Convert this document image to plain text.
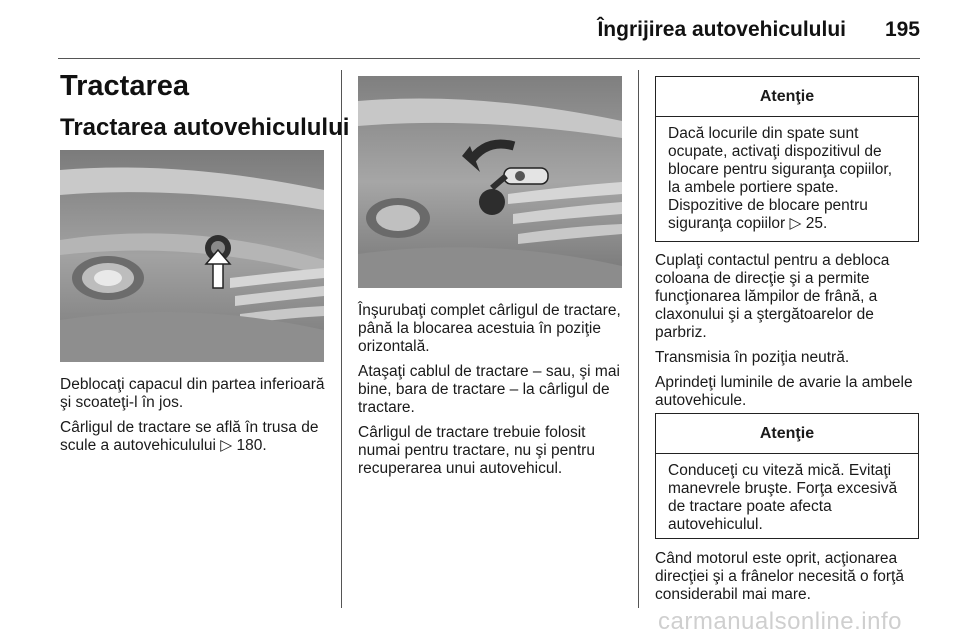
Îngrijirea autovehiculului 195
Tractarea
Tractarea autovehiculului

Deblocaţi capacul din partea inferioară şi scoateţi-l în jos.

Cârligul de tractare se află în trusa de scule a autovehiculului ▷ 180.

Înşurubaţi complet cârligul de tractare, până la blocarea acestuia în poziţie orizontală.

Ataşaţi cablul de tractare – sau, şi mai bine, bara de tractare – la cârligul de tractare.

Cârligul de tractare trebuie folosit numai pentru tractare, nu şi pentru recuperarea unui autovehicul.

Atenţie
Dacă locurile din spate sunt ocupate, activaţi dispozitivul de blocare pentru siguranţa copiilor, la ambele portiere spate. Dispozitive de blocare pentru siguranţa copiilor ▷ 25.

Cuplaţi contactul pentru a debloca coloana de direcţie şi a permite funcţionarea lămpilor de frână, a claxonului şi a ştergătoarelor de parbriz.

Transmisia în poziţia neutră.

Aprindeţi luminile de avarie la ambele autovehicule.

Atenţie
Conduceţi cu viteză mică. Evitaţi manevrele bruşte. Forţa excesivă de tractare poate afecta autovehiculul.

Când motorul este oprit, acţionarea direcţiei şi a frânelor necesită o forţă considerabil mai mare.

carmanualsonline.info
